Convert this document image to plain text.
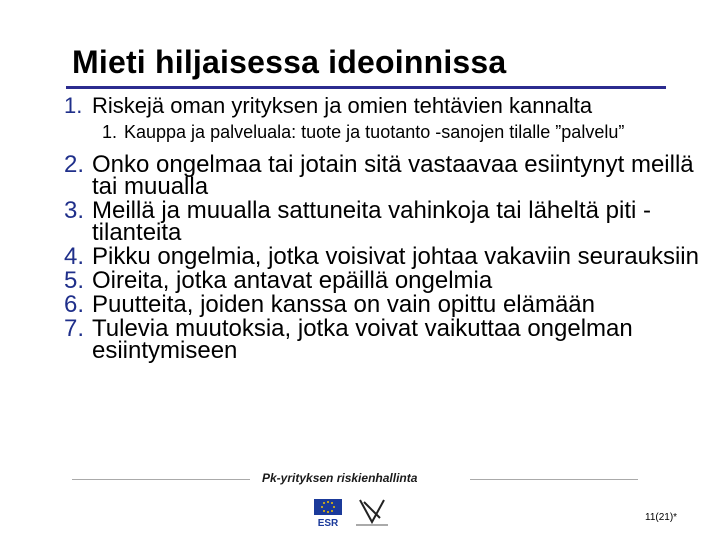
Mieti hiljaisessa ideoinnissa
1. Riskejä oman yrityksen ja omien tehtävien kannalta
1. Kauppa ja palveluala: tuote ja tuotanto -sanojen tilalle ”palvelu”
2. Onko ongelmaa tai jotain sitä vastaavaa esiintynyt meillä tai muualla
3. Meillä ja muualla sattuneita vahinkoja tai läheltä piti -tilanteita
4. Pikku ongelmia, jotka voisivat johtaa vakaviin seurauksiin
5. Oireita, jotka antavat epäillä ongelmia
6. Puutteita, joiden kanssa on vain opittu elämään
7. Tulevia muutoksia, jotka voivat vaikuttaa ongelman esiintymiseen
Pk-yrityksen riskienhallinta
ESR
11(21)*
